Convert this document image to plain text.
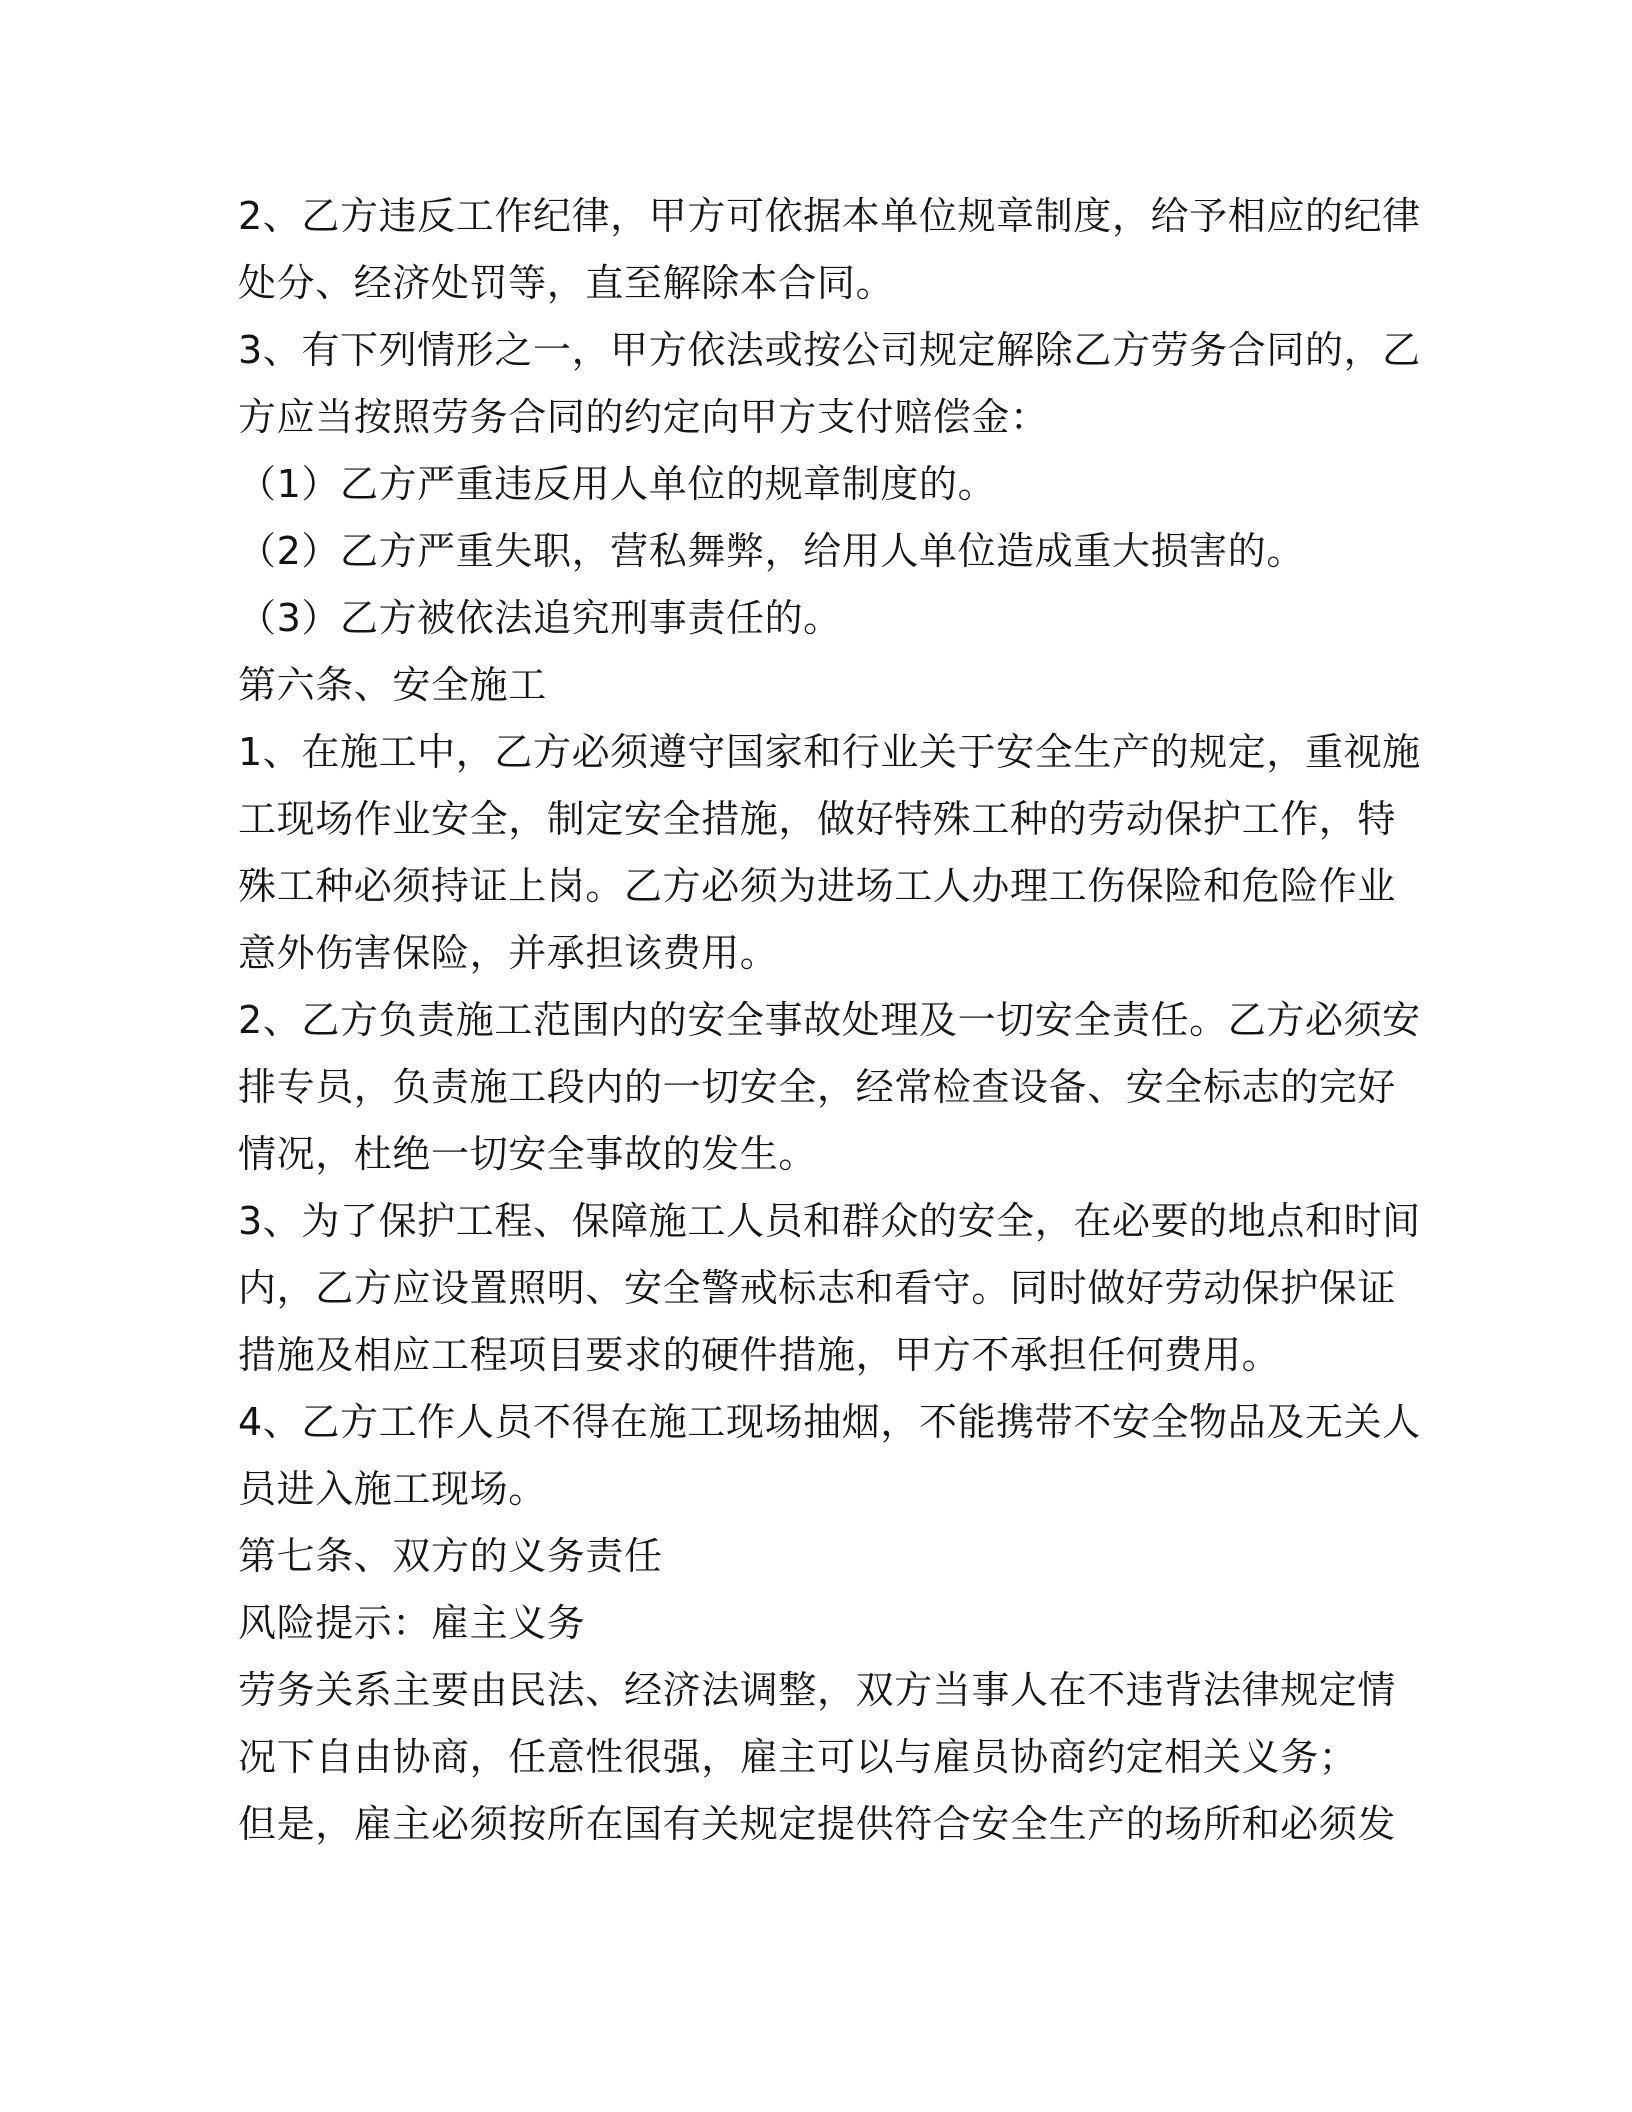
2、乙方违反工作纪律，甲方可依据本单位规章制度，给予相应的纪律
处分、经济处罚等，直至解除本合同。
3、有下列情形之一，甲方依法或按公司规定解除乙方劳务合同的，乙
方应当按照劳务合同的约定向甲方支付赔偿金：
（1）乙方严重违反用人单位的规章制度的。
（2）乙方严重失职，营私舞弊，给用人单位造成重大损害的。
（3）乙方被依法追究刑事责任的。
第六条、安全施工
1、在施工中，乙方必须遵守国家和行业关于安全生产的规定，重视施
工现场作业安全，制定安全措施，做好特殊工种的劳动保护工作，特
殊工种必须持证上岗。乙方必须为进场工人办理工伤保险和危险作业
意外伤害保险，并承担该费用。
2、乙方负责施工范围内的安全事故处理及一切安全责任。乙方必须安
排专员，负责施工段内的一切安全，经常检查设备、安全标志的完好
情况，杜绝一切安全事故的发生。
3、为了保护工程、保障施工人员和群众的安全，在必要的地点和时间
内，乙方应设置照明、安全警戒标志和看守。同时做好劳动保护保证
措施及相应工程项目要求的硬件措施，甲方不承担任何费用。
4、乙方工作人员不得在施工现场抽烟，不能携带不安全物品及无关人
员进入施工现场。
第七条、双方的义务责任
风险提示：雇主义务
劳务关系主要由民法、经济法调整，双方当事人在不违背法律规定情
况下自由协商，任意性很强，雇主可以与雇员协商约定相关义务；
但是，雇主必须按所在国有关规定提供符合安全生产的场所和必须发
